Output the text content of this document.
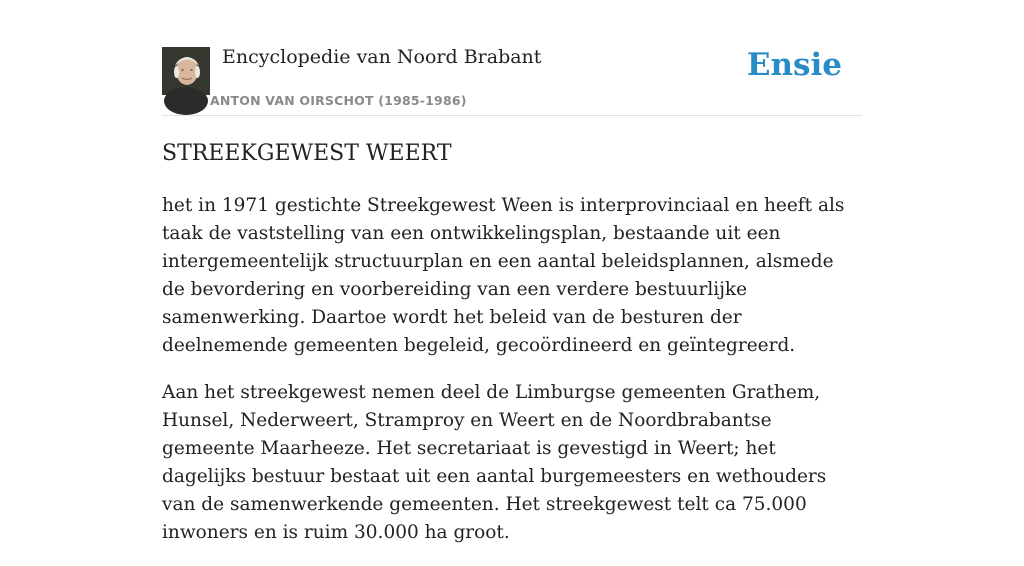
Encyclopedie van Noord Brabant
ANTON VAN OIRSCHOT (1985-1986)
Ensie
STREEKGEWEST WEERT

het in 1971 gestichte Streekgewest Ween is interprovinciaal en heeft als taak de vaststelling van een ontwikkelingsplan, bestaande uit een intergemeentelijk structuurplan en een aantal beleidsplannen, alsmede de bevordering en voorbereiding van een verdere bestuurlijke samenwerking. Daartoe wordt het beleid van de besturen der deelnemende gemeenten begeleid, gecoördineerd en geïntegreerd.

Aan het streekgewest nemen deel de Limburgse gemeenten Grathem, Hunsel, Nederweert, Stramproy en Weert en de Noordbrabantse gemeente Maarheeze. Het secretariaat is gevestigd in Weert; het dagelijks bestuur bestaat uit een aantal burgemeesters en wethouders van de samenwerkende gemeenten. Het streekgewest telt ca 75.000 inwoners en is ruim 30.000 ha groot.
